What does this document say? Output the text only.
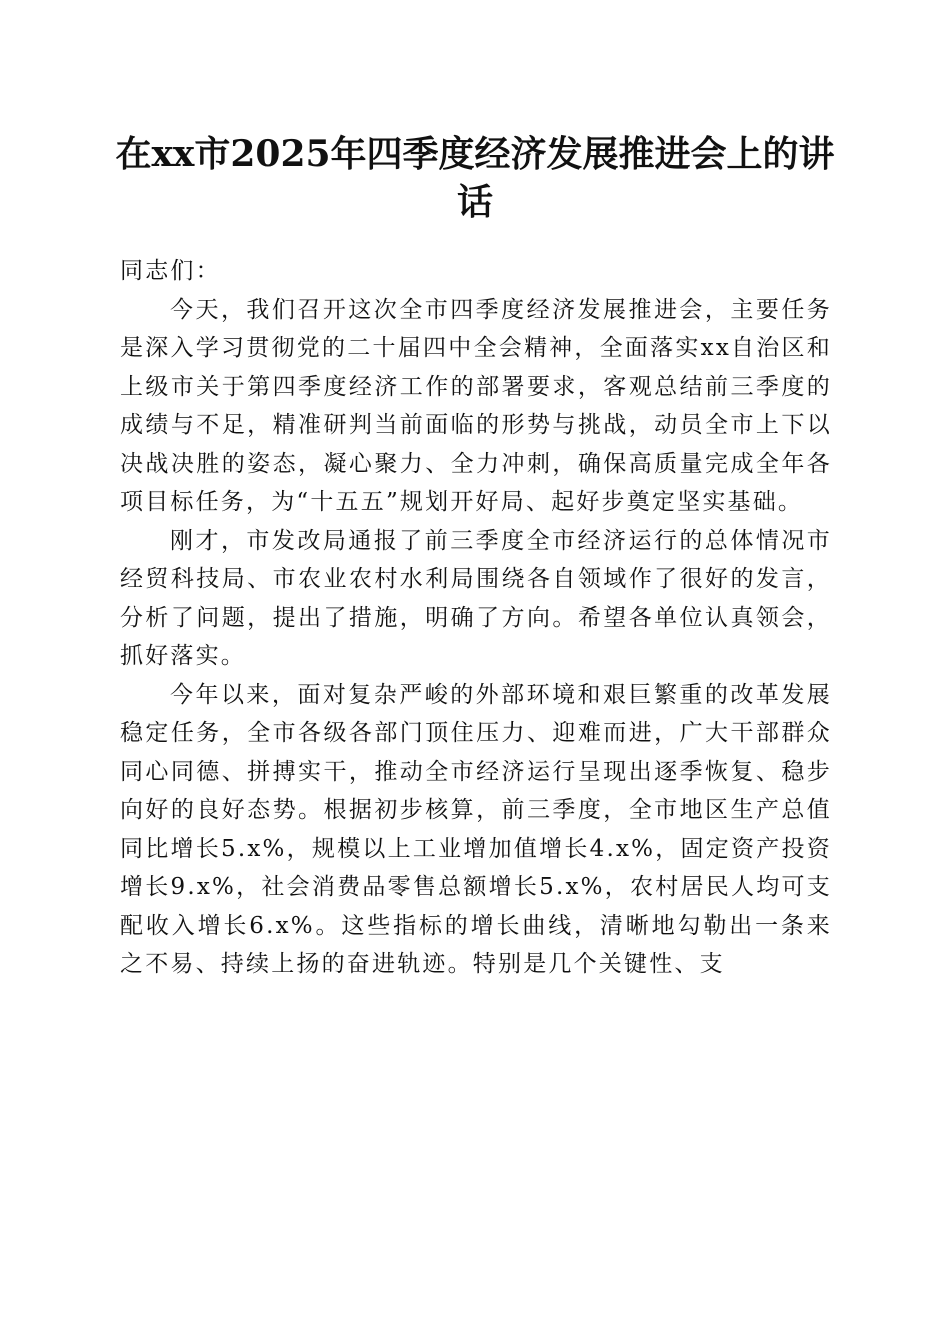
在xx市2025年四季度经济发展推进会上的讲话

同志们：

今天，我们召开这次全市四季度经济发展推进会，主要任务是深入学习贯彻党的二十届四中全会精神，全面落实xx自治区和上级市关于第四季度经济工作的部署要求，客观总结前三季度的成绩与不足，精准研判当前面临的形势与挑战，动员全市上下以决战决胜的姿态，凝心聚力、全力冲刺，确保高质量完成全年各项目标任务，为“十五五”规划开好局、起好步奠定坚实基础。

刚才，市发改局通报了前三季度全市经济运行的总体情况市经贸科技局、市农业农村水利局围绕各自领域作了很好的发言，分析了问题，提出了措施，明确了方向。希望各单位认真领会，抓好落实。

今年以来，面对复杂严峻的外部环境和艰巨繁重的改革发展稳定任务，全市各级各部门顶住压力、迎难而进，广大干部群众同心同德、拼搏实干，推动全市经济运行呈现出逐季恢复、稳步向好的良好态势。根据初步核算，前三季度，全市地区生产总值同比增长5.x%，规模以上工业增加值增长4.x%，固定资产投资增长9.x%，社会消费品零售总额增长5.x%，农村居民人均可支配收入增长6.x%。这些指标的增长曲线，清晰地勾勒出一条来之不易、持续上扬的奋进轨迹。特别是几个关键性、支
